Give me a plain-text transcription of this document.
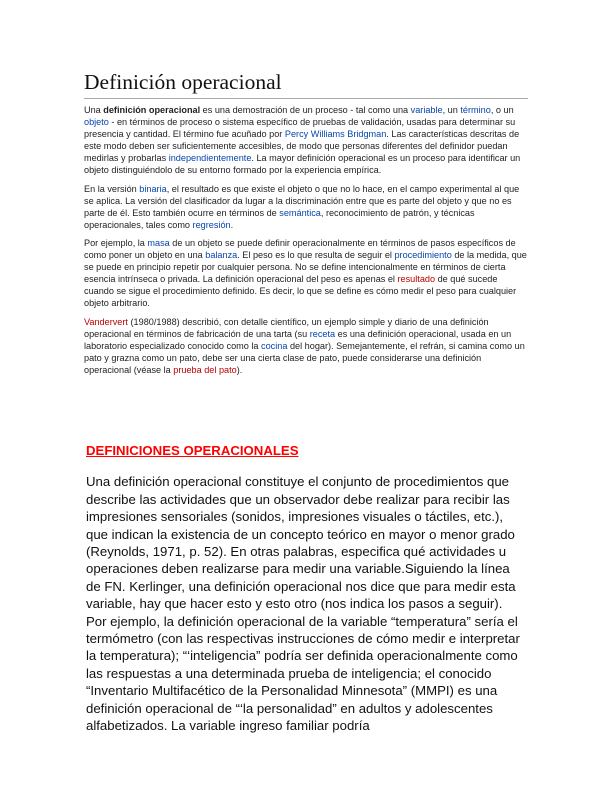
Definición operacional

Una definición operacional es una demostración de un proceso - tal como una variable, un término, o un objeto - en términos de proceso o sistema específico de pruebas de validación, usadas para determinar su presencia y cantidad. El término fue acuñado por Percy Williams Bridgman. Las características descritas de este modo deben ser suficientemente accesibles, de modo que personas diferentes del definidor puedan medirlas y probarlas independientemente. La mayor definición operacional es un proceso para identificar un objeto distinguiéndolo de su entorno formado por la experiencia empírica.

En la versión binaria, el resultado es que existe el objeto o que no lo hace, en el campo experimental al que se aplica. La versión del clasificador da lugar a la discriminación entre que es parte del objeto y que no es parte de él. Esto también ocurre en términos de semántica, reconocimiento de patrón, y técnicas operacionales, tales como regresión.

Por ejemplo, la masa de un objeto se puede definir operacionalmente en términos de pasos específicos de como poner un objeto en una balanza. El peso es lo que resulta de seguir el procedimiento de la medida, que se puede en principio repetir por cualquier persona. No se define intencionalmente en términos de cierta esencia intrínseca o privada. La definición operacional del peso es apenas el resultado de qué sucede cuando se sigue el procedimiento definido. Es decir, lo que se define es cómo medir el peso para cualquier objeto arbitrario.

Vandervert (1980/1988) describió, con detalle científico, un ejemplo simple y diario de una definición operacional en términos de fabricación de una tarta (su receta es una definición operacional, usada en un laboratorio especializado conocido como la cocina del hogar). Semejantemente, el refrán, si camina como un pato y grazna como un pato, debe ser una cierta clase de pato, puede considerarse una definición operacional (véase la prueba del pato).

DEFINICIONES OPERACIONALES

Una definición operacional constituye el conjunto de procedimientos que describe las actividades que un observador debe realizar para recibir las impresiones sensoriales (sonidos, impresiones visuales o táctiles, etc.), que indican la existencia de un concepto teórico en mayor o menor grado (Reynolds, 1971, p. 52). En otras palabras, especifica qué actividades u operaciones deben realizarse para medir una variable.Siguiendo la línea de FN. Kerlinger, una definición operacional nos dice que para medir esta variable, hay que hacer esto y esto otro (nos indica los pasos a seguir). Por ejemplo, la definición operacional de la variable “temperatura” sería el termómetro (con las respectivas instrucciones de cómo medir e interpretar la temperatura); “‘inteligencia” podría ser definida operacionalmente como las respuestas a una determinada prueba de inteligencia; el conocido “Inventario Multifacético de la Personalidad Minnesota” (MMPI) es una definición operacional de “‘la personalidad” en adultos y adolescentes alfabetizados. La variable ingreso familiar podría
